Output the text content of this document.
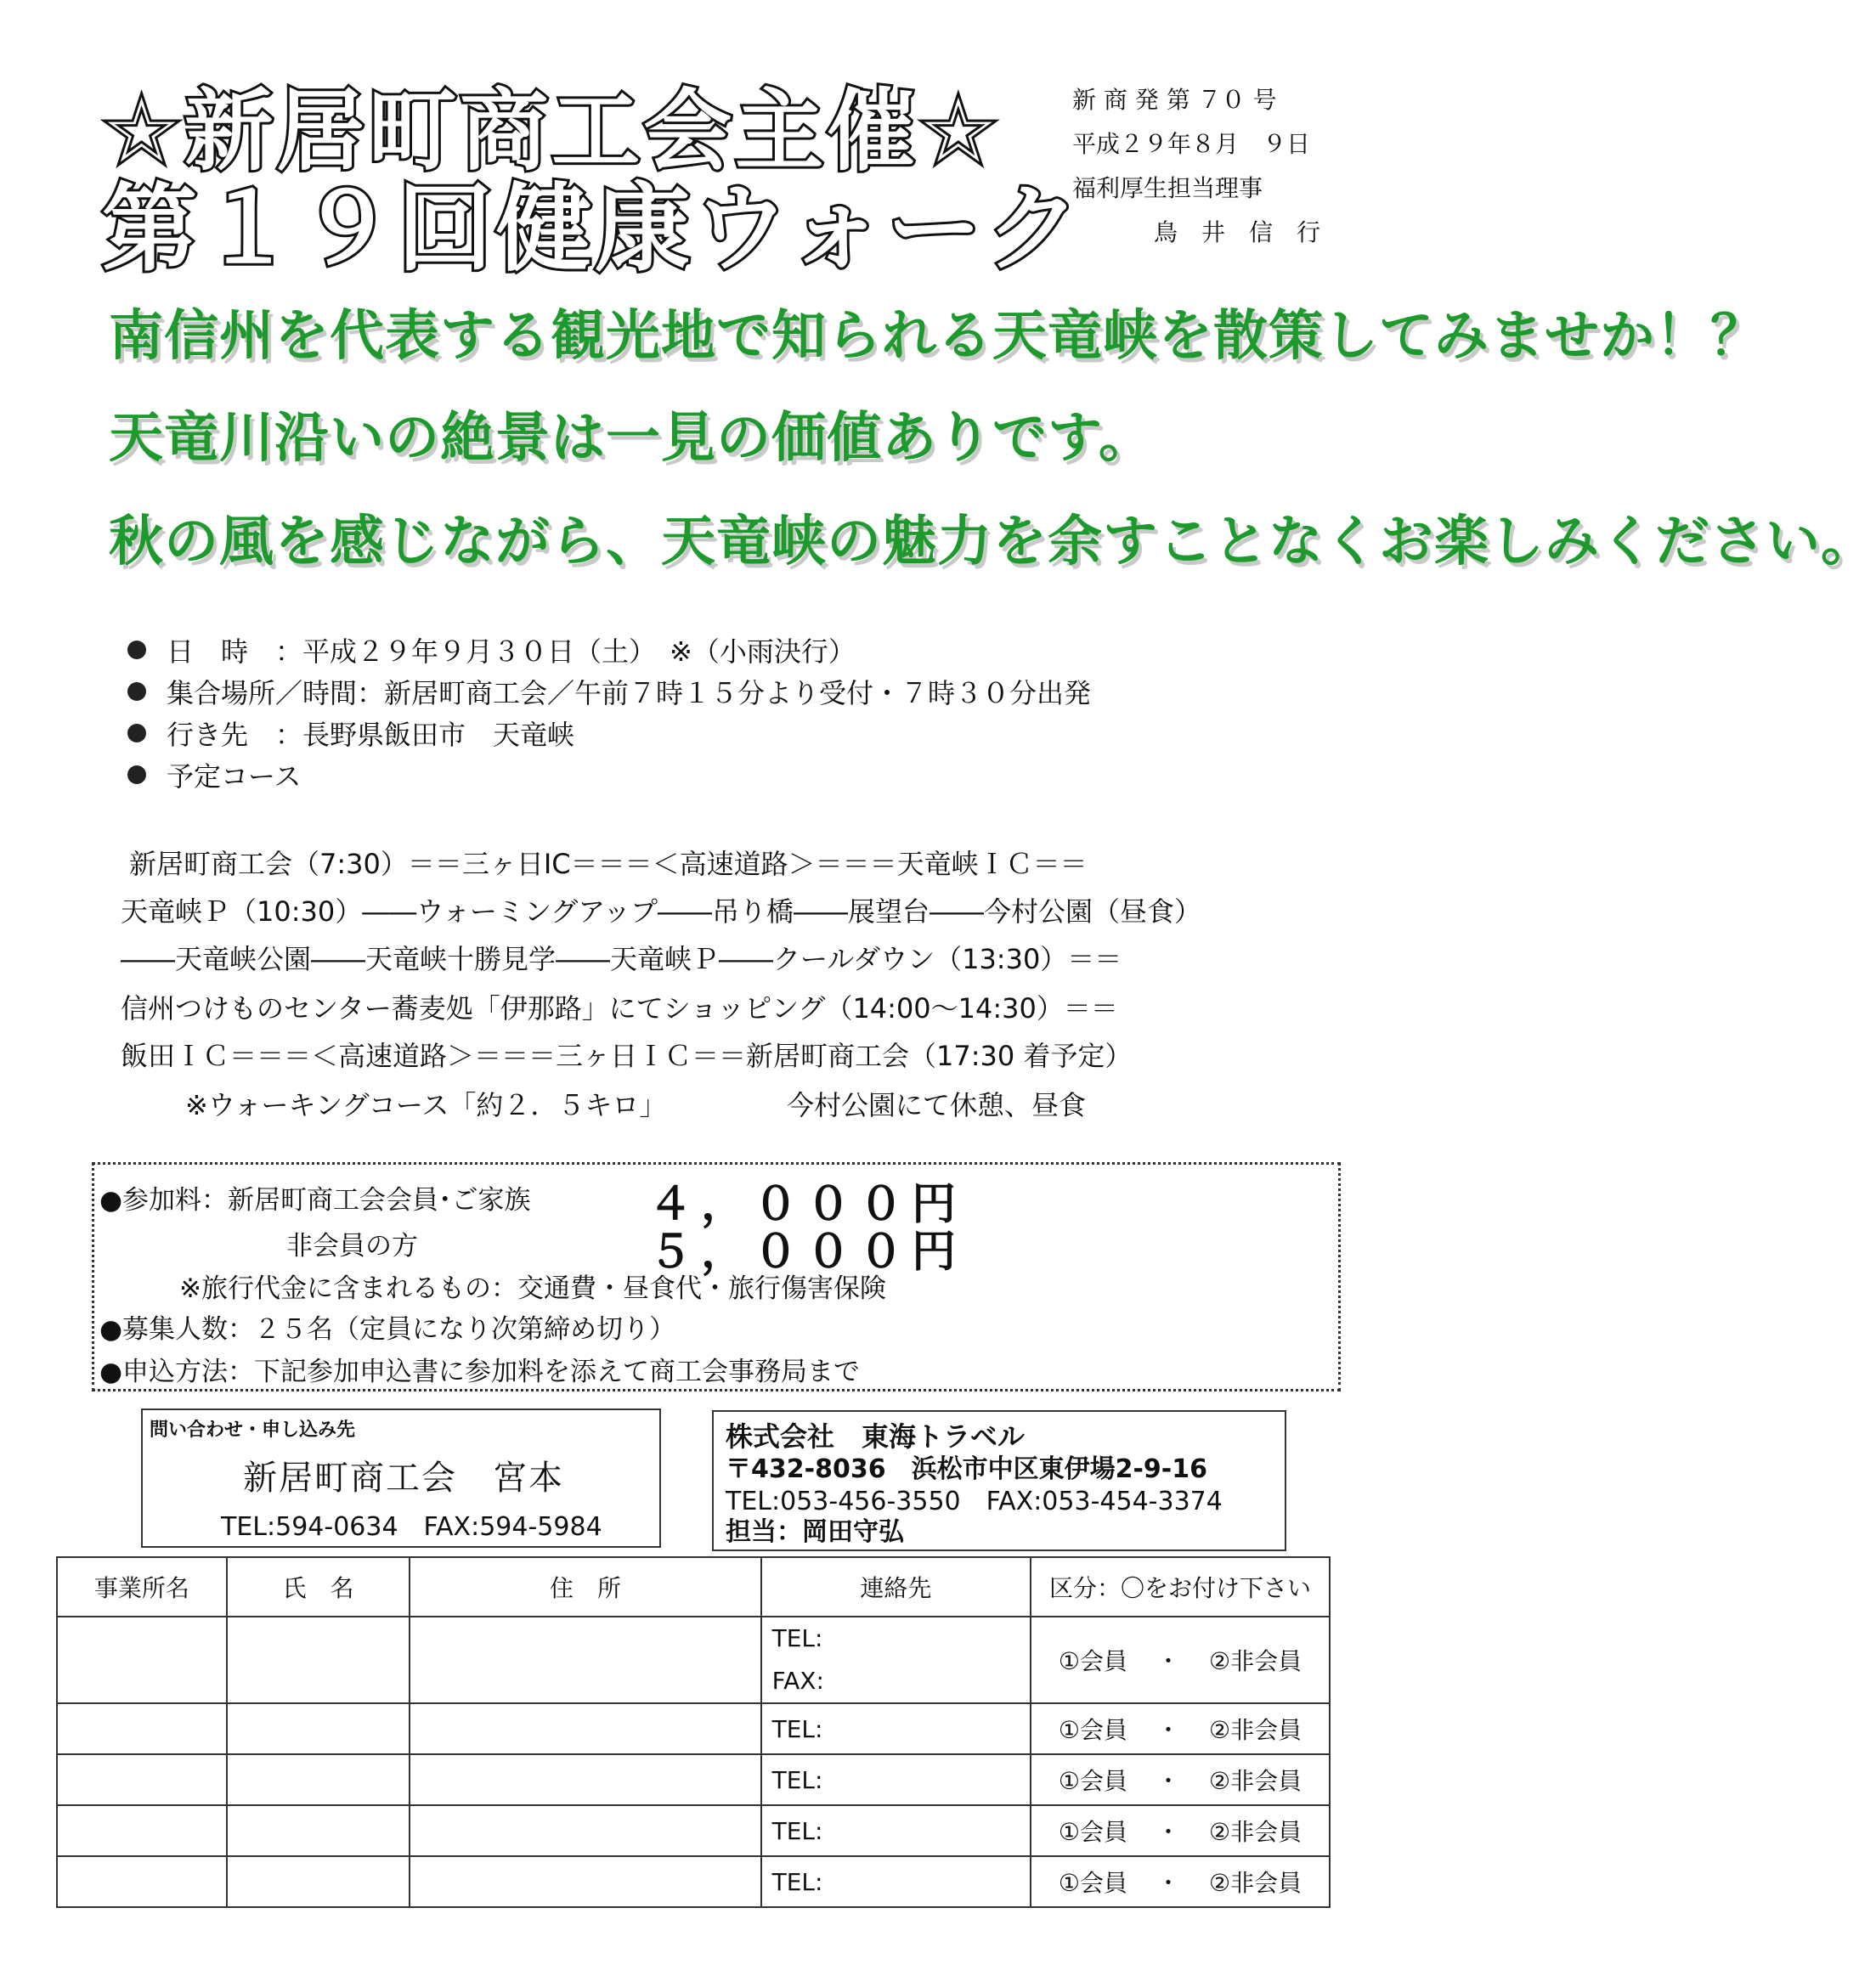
☆新居町商工会主催☆
第１９回健康ウォーク
新 商 発 第 ７０ 号
平成２９年８月　９日
福利厚生担当理事
鳥　井　信　行
南信州を代表する観光地で知られる天竜峡を散策してみませか！？
天竜川沿いの絶景は一見の価値ありです。
秋の風を感じながら、天竜峡の魅力を余すことなくお楽しみください。
日　時　：平成２９年９月３０日（土）　※（小雨決行）
集合場所／時間：新居町商工会／午前７時１５分より受付・７時３０分出発
行き先　：長野県飯田市　天竜峡
予定コース
新居町商工会（7:30）＝＝三ヶ日IC＝＝＝＜高速道路＞＝＝＝天竜峡ＩＣ＝＝
天竜峡Ｐ（10:30）――ウォーミングアップ――吊り橋――展望台――今村公園（昼食）
――天竜峡公園――天竜峡十勝見学――天竜峡Ｐ――クールダウン（13:30）＝＝
信州つけものセンター蕎麦処「伊那路」にてショッピング（14:00～14:30）＝＝
飯田ＩＣ＝＝＝＜高速道路＞＝＝＝三ヶ日ＩＣ＝＝新居町商工会（17:30 着予定）
※ウォーキングコース「約２．５キロ」	今村公園にて休憩、昼食
●参加料：新居町商工会会員･ご家族	４，０００円
非会員の方	５，０００円
※旅行代金に含まれるもの：交通費・昼食代・旅行傷害保険
●募集人数：２５名（定員になり次第締め切り）
●申込方法：下記参加申込書に参加料を添えて商工会事務局まで
問い合わせ・申し込み先
新居町商工会　宮本
TEL:594-0634　FAX:594-5984
株式会社　東海トラベル
〒432-8036　浜松市中区東伊場2-9-16
TEL:053-456-3550　FAX:053-454-3374
担当：岡田守弘
事業所名	氏　名	住　所	連絡先	区分：〇をお付け下さい

			TEL:
FAX:	①会員 ・ ②非会員
			TEL:	①会員 ・ ②非会員
			TEL:	①会員 ・ ②非会員
			TEL:	①会員 ・ ②非会員
			TEL:	①会員 ・ ②非会員
